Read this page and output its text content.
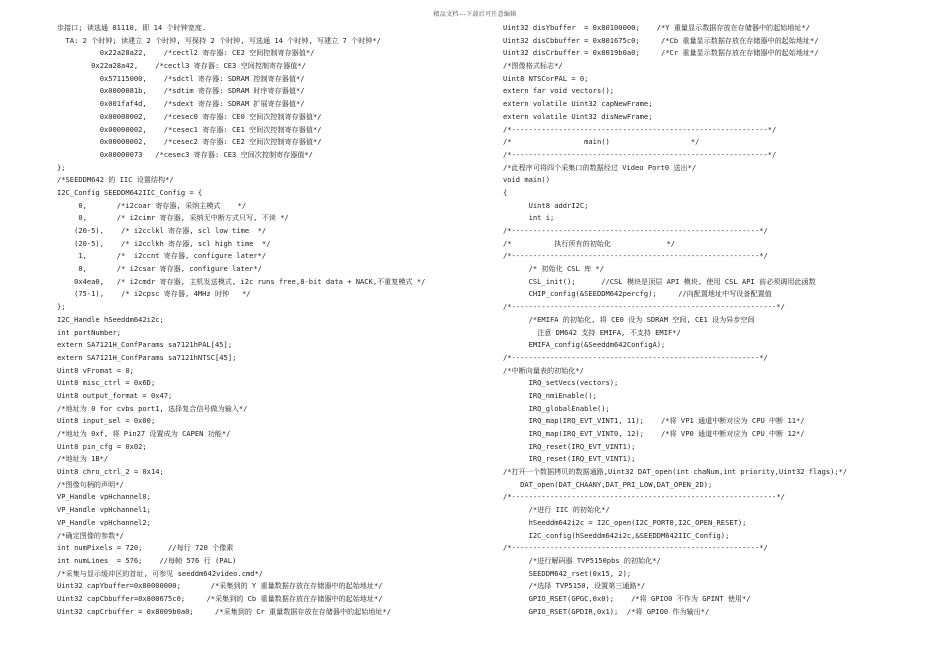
精品文档---下载后可任意编辑
步接口; 读选通 01110, 即 14 个时钟宽度.
TA: 2 个时钟; 读建立 2 个时钟, 写保持 2 个时钟, 写选通 14 个时钟, 写建立 7 个时钟*/
0x22a28a22,    /*cectl2 寄存器: CE2 空间控制寄存器值*/
0x22a28a42,    /*cectl3 寄存器: CE3 空间控制寄存器值*/
0x57115000,    /*sdctl 寄存器: SDRAM 控制寄存器值*/
0x0000081b,    /*sdtim 寄存器: SDRAM 时序寄存器值*/
0x001faf4d,    /*sdext 寄存器: SDRAM 扩展寄存器值*/
0x00000002,    /*cesec0 寄存器: CE0 空间次控制寄存器值*/
0x00000002,    /*cesec1 寄存器: CE1 空间次控制寄存器值*/
0x00000002,    /*cesec2 寄存器: CE2 空间次控制寄存器值*/
0x00000073   /*cesec3 寄存器: CE3 空间次控制寄存器值*/
};
/*SEEDDM642 的 IIC 设置结构*/
I2C_Config SEEDDM642IIC_Config = {
0,       /*i2coar 寄存器, 采纳主模式    */
0,       /* i2cimr 寄存器, 采纳无中断方式只写, 不读 */
(20-5),    /* i2cclkl 寄存器, scl low time  */
(20-5),    /* i2cclkh 寄存器, scl high time  */
1,       /*  i2ccnt 寄存器, configure later*/
0,       /* i2csar 寄存器, configure later*/
0x4ea0,   /* i2cmdr 寄存器, 主机发送模式, i2c runs free,8-bit data + NACK,不重复模式 */
(75-1),    /* i2cpsc 寄存器, 4MHz 时钟   */
};
I2C_Handle hSeeddm642i2c;
int portNumber;
extern SA7121H_ConfParams sa7121hPAL[45];
extern SA7121H_ConfParams sa7121hNTSC[45];
Uint8 vFromat = 0;
Uint8 misc_ctrl = 0x6D;
Uint8 output_format = 0x47;
/*地址为 0 for cvbs port1, 选择复合信号做为输入*/
Uint8 input_sel = 0x00;
/*地址为 0xf, 将 Pin27 设置成为 CAPEN 功能*/
Uint8 pin_cfg = 0x02;
/*地址为 1B*/
Uint8 chro_ctrl_2 = 0x14;
/*图像句柄的声明*/
VP_Handle vpHchannel0;
VP_Handle vpHchannel1;
VP_Handle vpHchannel2;
/*确定图像的参数*/
int numPixels = 720;      //每行 720 个像素
int numLines  = 576;    //每帧 576 行 (PAL)
/*采集与显示缓冲区的首址, 可参见 seeddm642video.cmd*/
Uint32 capYbuffer=0x80000000;       /*采集到的 Y 重量数据存放在存储器中的起始地址*/
Uint32 capCbbuffer=0x800675c0;     /*采集到的 Cb 重量数据存放在存储器中的起始地址*/
Uint32 capCrbuffer = 0x8009b0a0;     /*采集到的 Cr 重量数据存放在存储器中的起始地址*/
Uint32 disYbuffer  = 0x80100000;    /*Y 重量显示数据存放在存储器中的起始地址*/
Uint32 disCbbuffer = 0x801675c0;     /*Cb 重量显示数据存放在存储器中的起始地址*/
Uint32 disCrbuffer = 0x8019b0a0;     /*Cr 重量显示数据存放在存储器中的起始地址*/
/*图像格式标志*/
Uint8 NTSCorPAL = 0;
extern far void vectors();
extern volatile Uint32 capNewFrame;
extern volatile Uint32 disNewFrame;
/*------------------------------------------------------------*/
/*                 main()                   */
/*------------------------------------------------------------*/
/*此程序可将四个采集口的数据经过 Video Port0 送出*/
void main()
{
Uint8 addrI2C;
int i;
/*----------------------------------------------------------*/
/*          执行所有的初始化             */
/*----------------------------------------------------------*/
/* 初始化 CSL 库 */
CSL_init();      //CSL 模块是顶层 API 模块, 使用 CSL API 前必须调用此函数
CHIP_config(&SEEDDM642percfg);     //向配置地址中写设备配置值
/*--------------------------------------------------------------*/
/*EMIFA 的初始化, 将 CE0 设为 SDRAM 空间, CE1 设为异步空间
注意 DM642 支持 EMIFA, 不支持 EMIF*/
EMIFA_config(&Seeddm642ConfigA);
/*----------------------------------------------------------*/
/*中断向量表的初始化*/
IRQ_setVecs(vectors);
IRQ_nmiEnable();
IRQ_globalEnable();
IRQ_map(IRQ_EVT_VINT1, 11);    /*将 VP1 通道中断对应为 CPU 中断 11*/
IRQ_map(IRQ_EVT_VINT0, 12);    /*将 VP0 通道中断对应为 CPU 中断 12*/
IRQ_reset(IRQ_EVT_VINT1);
IRQ_reset(IRQ_EVT_VINT1);
/*打开一个数据拷贝的数据通路,Uint32 DAT_open(int chaNum,int priority,Uint32 flags);*/
DAT_open(DAT_CHAANY,DAT_PRI_LOW,DAT_OPEN_2D);
/*--------------------------------------------------------------*/
/*进行 IIC 的初始化*/
hSeeddm642i2c = I2C_open(I2C_PORT0,I2C_OPEN_RESET);
I2C_config(hSeeddm642i2c,&SEEDDM642IIC_Config);
/*----------------------------------------------------------*/
/*进行解码器 TVP5150pbs 的初始化*/
SEEDDM642_rset(0x15, 2);
/*选择 TVP5150, 设置第三通路*/
GPIO_RSET(GPGC,0x0);    /*将 GPIO0 不作为 GPINT 使用*/
GPIO_RSET(GPDIR,0x1);  /*将 GPIO0 作为输出*/
